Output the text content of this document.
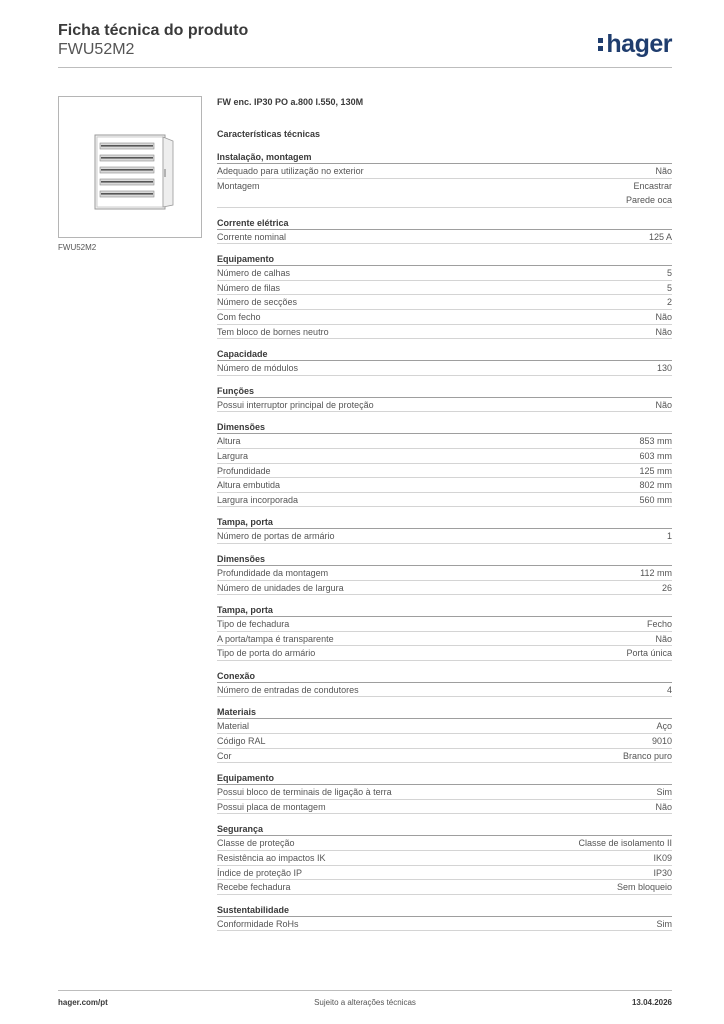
Ficha técnica do produto
FWU52M2	hager
FWU52M2
FW enc. IP30 PO a.800 l.550, 130M
Características técnicas
Instalação, montagem
Adequado para utilização no exterior	Não
Montagem	Encastrar
Parede oca
Corrente elétrica
Corrente nominal	125 A
Equipamento
Número de calhas	5
Número de filas	5
Número de secções	2
Com fecho	Não
Tem bloco de bornes neutro	Não
Capacidade
Número de módulos	130
Funções
Possui interruptor principal de proteção	Não
Dimensões
Altura	853 mm
Largura	603 mm
Profundidade	125 mm
Altura embutida	802 mm
Largura incorporada	560 mm
Tampa, porta
Número de portas de armário	1
Dimensões
Profundidade da montagem	112 mm
Número de unidades de largura	26
Tampa, porta
Tipo de fechadura	Fecho
A porta/tampa é transparente	Não
Tipo de porta do armário	Porta única
Conexão
Número de entradas de condutores	4
Materiais
Material	Aço
Código RAL	9010
Cor	Branco puro
Equipamento
Possui bloco de terminais de ligação à terra	Sim
Possui placa de montagem	Não
Segurança
Classe de proteção	Classe de isolamento II
Resistência ao impactos IK	IK09
Índice de proteção IP	IP30
Recebe fechadura	Sem bloqueio
Sustentabilidade
Conformidade RoHs	Sim
hager.com/pt	Sujeito a alterações técnicas	13.04.2026
